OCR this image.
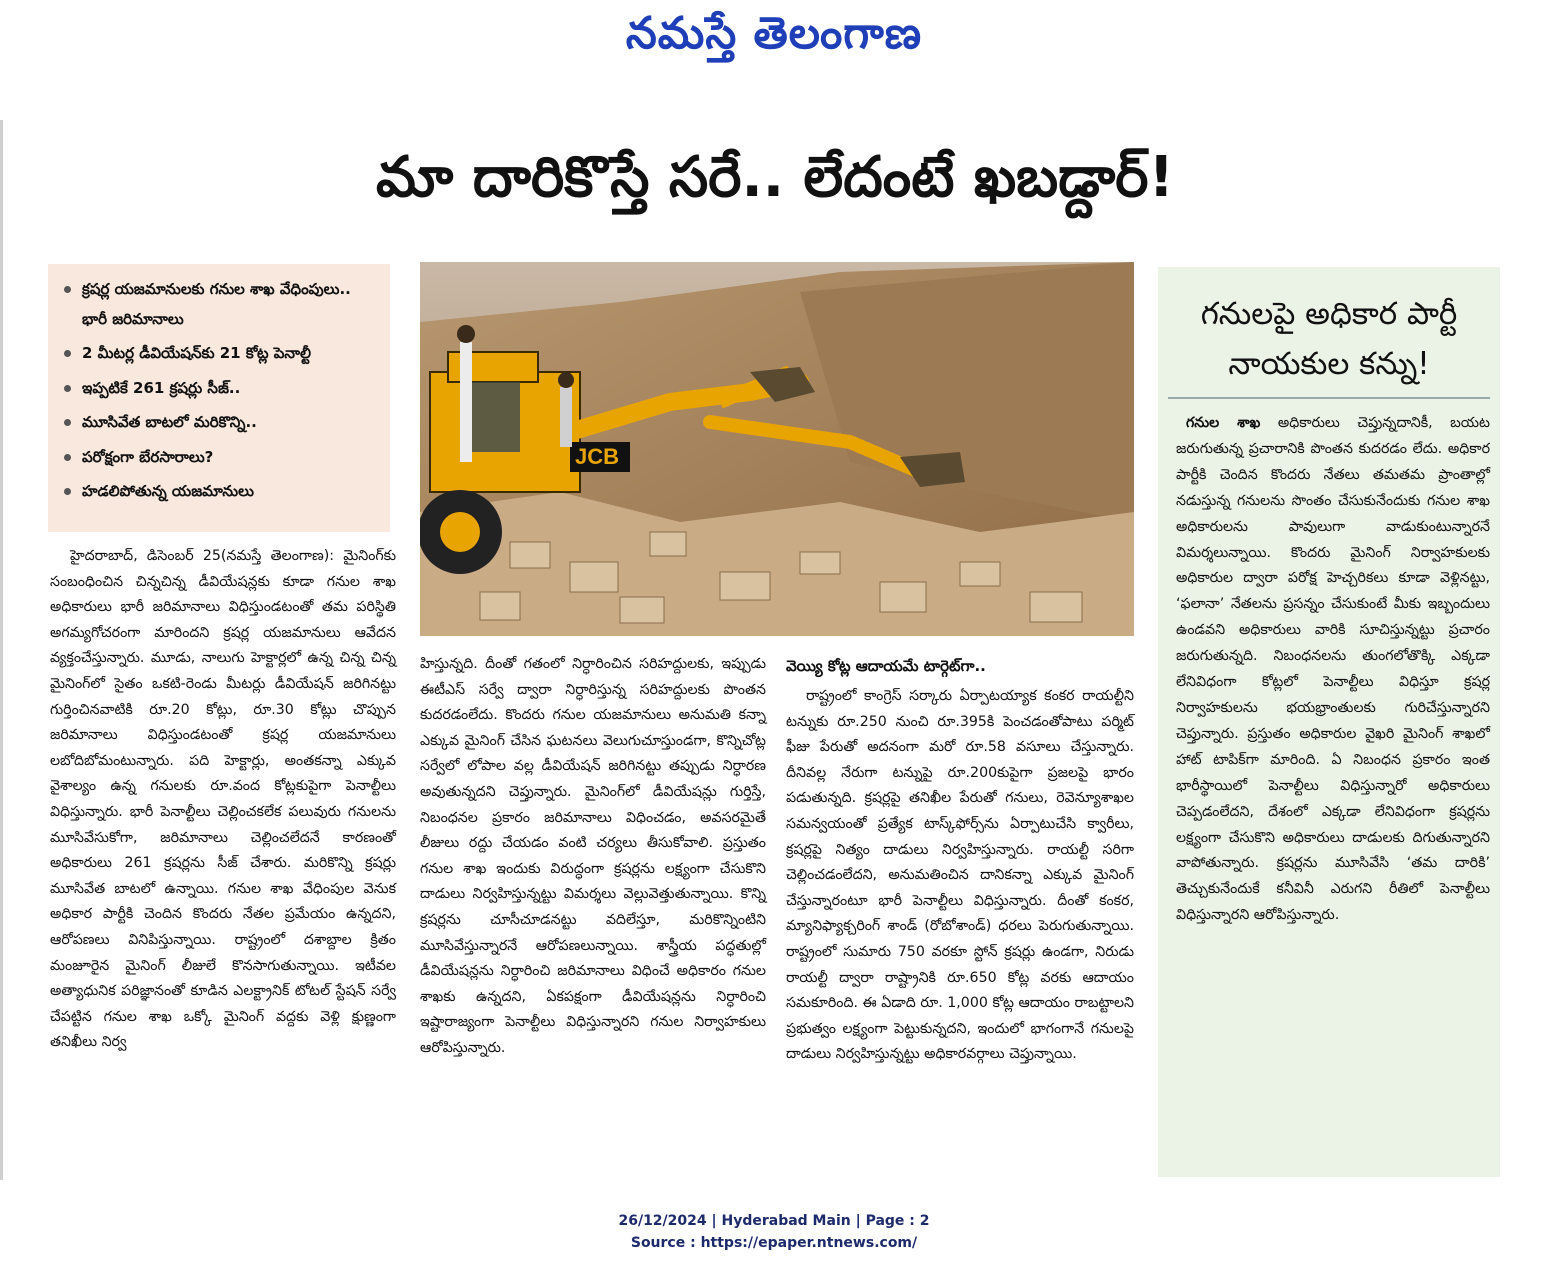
నమస్తే తెలంగాణ
మా దారికొస్తే సరే.. లేదంటే ఖబడ్దార్!
క్రషర్ల యజమానులకు గనుల శాఖ వేధింపులు.. భారీ జరిమానాలు
2 మీటర్ల డీవియేషన్‌కు 21 కోట్ల పెనాల్టీ
ఇప్పటికే 261 క్రషర్లు సీజ్..
మూసివేత బాటలో మరికొన్ని..
పరోక్షంగా బేరసారాలు?
హడలిపోతున్న యజమానులు
JCB

హైదరాబాద్, డిసెంబర్ 25(నమస్తే తెలంగాణ): మైనింగ్‌కు సంబంధించిన చిన్నచిన్న డీవియేషన్లకు కూడా గనుల శాఖ అధికారులు భారీ జరిమానాలు విధిస్తుండటంతో తమ పరిస్థితి అగమ్యగోచరంగా మారిందని క్రషర్ల యజమానులు ఆవేదన వ్యక్తంచేస్తున్నారు. మూడు, నాలుగు హెక్టార్లలో ఉన్న చిన్న చిన్న మైనింగ్‌లో సైతం ఒకటి-రెండు మీటర్లు డీవియేషన్ జరిగినట్టు గుర్తించినవాటికి రూ.20 కోట్లు, రూ.30 కోట్లు చొప్పున జరిమానాలు విధిస్తుండటంతో క్రషర్ల యజమానులు లబోదిబోమంటున్నారు. పది హెక్టార్లు, అంతకన్నా ఎక్కువ వైశాల్యం ఉన్న గనులకు రూ.వంద కోట్లకుపైగా పెనాల్టీలు విధిస్తున్నారు. భారీ పెనాల్టీలు చెల్లించకలేక పలువురు గనులను మూసివేసుకోగా, జరిమానాలు చెల్లించలేదనే కారణంతో అధికారులు 261 క్రషర్లను సీజ్ చేశారు. మరికొన్ని క్రషర్లు మూసివేత బాటలో ఉన్నాయి. గనుల శాఖ వేధింపుల వెనుక అధికార పార్టీకి చెందిన కొందరు నేతల ప్రమేయం ఉన్నదని, ఆరోపణలు వినిపిస్తున్నాయి. రాష్ట్రంలో దశాబ్దాల క్రితం మంజూరైన మైనింగ్ లీజులే కొనసాగుతున్నాయి. ఇటీవల అత్యాధునిక పరిజ్ఞానంతో కూడిన ఎలక్ట్రానిక్ టోటల్ స్టేషన్ సర్వే చేపట్టిన గనుల శాఖ ఒక్కో మైనింగ్ వద్దకు వెళ్లి క్షుణ్ణంగా తనిఖీలు నిర్వ

హిస్తున్నది. దీంతో గతంలో నిర్ధారించిన సరిహద్దులకు, ఇప్పుడు ఈటీఎస్ సర్వే ద్వారా నిర్ధారిస్తున్న సరిహద్దులకు పొంతన కుదరడంలేదు. కొందరు గనుల యజమానులు అనుమతి కన్నా ఎక్కువ మైనింగ్ చేసిన ఘటనలు వెలుగుచూస్తుండగా, కొన్నిచోట్ల సర్వేలో లోపాల వల్ల డీవియేషన్ జరిగినట్టు తప్పుడు నిర్ధారణ అవుతున్నదని చెప్తున్నారు. మైనింగ్‌లో డీవియేషన్లు గుర్తిస్తే, నిబంధనల ప్రకారం జరిమానాలు విధించడం, అవసరమైతే లీజులు రద్దు చేయడం వంటి చర్యలు తీసుకోవాలి. ప్రస్తుతం గనుల శాఖ ఇందుకు విరుద్ధంగా క్రషర్లను లక్ష్యంగా చేసుకొని దాడులు నిర్వహిస్తున్నట్టు విమర్శలు వెల్లువెత్తుతున్నాయి. కొన్ని క్రషర్లను చూసీచూడనట్టు వదిలేస్తూ, మరికొన్నింటిని మూసివేస్తున్నారనే ఆరోపణలున్నాయి. శాస్త్రీయ పద్ధతుల్లో డీవియేషన్లను నిర్ధారించి జరిమానాలు విధించే అధికారం గనుల శాఖకు ఉన్నదని, ఏకపక్షంగా డీవియేషన్లను నిర్ధారించి ఇష్టారాజ్యంగా పెనాల్టీలు విధిస్తున్నారని గనుల నిర్వాహకులు ఆరోపిస్తున్నారు.

వెయ్యి కోట్ల ఆదాయమే టార్గెట్‌గా..

రాష్ట్రంలో కాంగ్రెస్ సర్కారు ఏర్పాటయ్యాక కంకర రాయల్టీని టన్నుకు రూ.250 నుంచి రూ.395కి పెంచడంతోపాటు పర్మిట్ ఫీజు పేరుతో అదనంగా మరో రూ.58 వసూలు చేస్తున్నారు. దీనివల్ల నేరుగా టన్నుపై రూ.200కుపైగా ప్రజలపై భారం పడుతున్నది. క్రషర్లపై తనిఖీల పేరుతో గనులు, రెవెన్యూశాఖల సమన్వయంతో ప్రత్యేక టాస్క్‌ఫోర్స్‌ను ఏర్పాటుచేసి క్వారీలు, క్రషర్లపై నిత్యం దాడులు నిర్వహిస్తున్నారు. రాయల్టీ సరిగా చెల్లించడంలేదని, అనుమతించిన దానికన్నా ఎక్కువ మైనింగ్ చేస్తున్నారంటూ భారీ పెనాల్టీలు విధిస్తున్నారు. దీంతో కంకర, మ్యానిఫ్యాక్చరింగ్ శాండ్ (రోబోశాండ్) ధరలు పెరుగుతున్నాయి. రాష్ట్రంలో సుమారు 750 వరకూ స్టోన్ క్రషర్లు ఉండగా, నిరుడు రాయల్టీ ద్వారా రాష్ట్రానికి రూ.650 కోట్ల వరకు ఆదాయం సమకూరింది. ఈ ఏడాది రూ. 1,000 కోట్ల ఆదాయం రాబట్టాలని ప్రభుత్వం లక్ష్యంగా పెట్టుకున్నదని, ఇందులో భాగంగానే గనులపై దాడులు నిర్వహిస్తున్నట్టు అధికారవర్గాలు చెప్తున్నాయి.

గనులపై అధికార పార్టీ
నాయకుల కన్ను!
గనుల శాఖ అధికారులు చెప్తున్నదానికీ, బయట జరుగుతున్న ప్రచారానికి పొంతన కుదరడం లేదు. అధికార పార్టీకి చెందిన కొందరు నేతలు తమతమ ప్రాంతాల్లో నడుస్తున్న గనులను సొంతం చేసుకునేందుకు గనుల శాఖ అధికారులను పావులుగా వాడుకుంటున్నారనే విమర్శలున్నాయి. కొందరు మైనింగ్ నిర్వాహకులకు అధికారుల ద్వారా పరోక్ష హెచ్చరికలు కూడా వెళ్లినట్టు, ‘ఫలానా’ నేతలను ప్రసన్నం చేసుకుంటే మీకు ఇబ్బందులు ఉండవని అధికారులు వారికి సూచిస్తున్నట్టు ప్రచారం జరుగుతున్నది. నిబంధనలను తుంగలోతొక్కి ఎక్కడా లేనివిధంగా కోట్లలో పెనాల్టీలు విధిస్తూ క్రషర్ల నిర్వాహకులను భయభ్రాంతులకు గురిచేస్తున్నారని చెప్తున్నారు. ప్రస్తుతం అధికారుల వైఖరి మైనింగ్ శాఖలో హాట్ టాపిక్‌గా మారింది. ఏ నిబంధన ప్రకారం ఇంత భారీస్థాయిలో పెనాల్టీలు విధిస్తున్నారో అధికారులు చెప్పడంలేదని, దేశంలో ఎక్కడా లేనివిధంగా క్రషర్లను లక్ష్యంగా చేసుకొని అధికారులు దాడులకు దిగుతున్నారని వాపోతున్నారు. క్రషర్లను మూసివేసి ‘తమ దారికి’ తెచ్చుకునేందుకే కనీవినీ ఎరుగని రీతిలో పెనాల్టీలు విధిస్తున్నారని ఆరోపిస్తున్నారు.
26/12/2024 | Hyderabad Main | Page : 2
Source : https://epaper.ntnews.com/
